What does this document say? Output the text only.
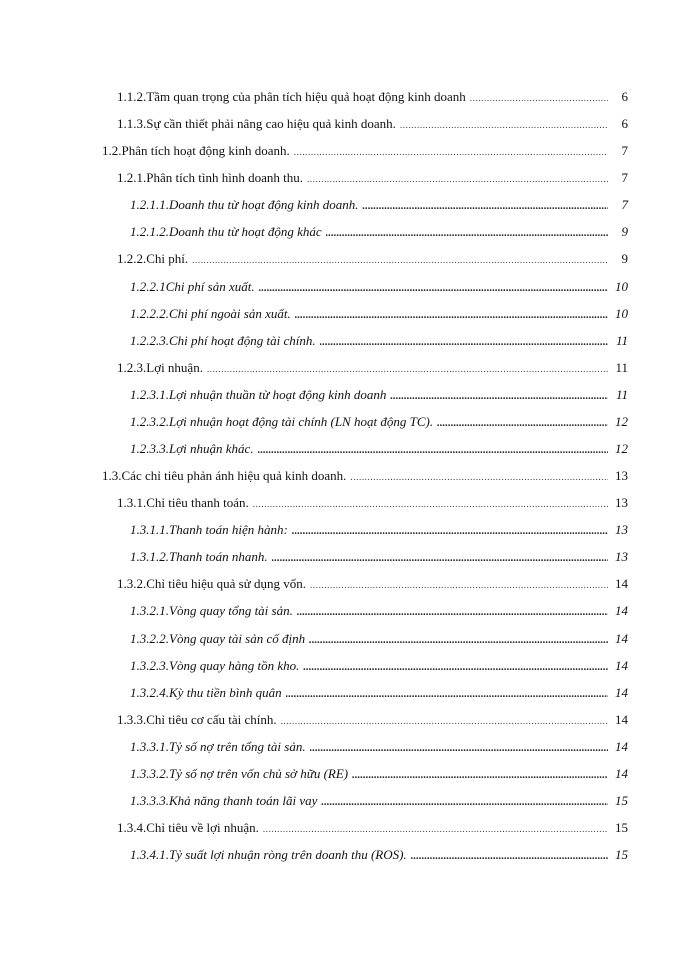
1.1.2.Tầm quan trọng của phân tích hiệu quả hoạt động kinh doanh .....	6
1.1.3.Sự cần thiết phải nâng cao hiệu quả kinh doanh. .....	6
1.2.Phân tích hoạt động kinh doanh. .....	7
1.2.1.Phân tích tình hình doanh thu. .....	7
1.2.1.1.Doanh thu từ hoạt động kinh doanh. .....	7
1.2.1.2.Doanh thu từ hoạt động khác .....	9
1.2.2.Chi phí. .....	9
1.2.2.1Chi phí sản xuất. .....	10
1.2.2.2.Chi phí ngoài sản xuất. .....	10
1.2.2.3.Chi phí hoạt động tài chính. .....	11
1.2.3.Lợi nhuận. .....	11
1.2.3.1.Lợi nhuận thuần từ hoạt động kinh doanh .....	11
1.2.3.2.Lợi nhuận hoạt động tài chính (LN hoạt động TC). .....	12
1.2.3.3.Lợi nhuận khác. .....	12
1.3.Các chỉ tiêu phản ánh hiệu quả kinh doanh. .....	13
1.3.1.Chỉ tiêu thanh toán. .....	13
1.3.1.1.Thanh toán hiện hành: .....	13
1.3.1.2.Thanh toán nhanh. .....	13
1.3.2.Chỉ tiêu hiệu quả sử dụng vốn. .....	14
1.3.2.1.Vòng quay tổng tài sản. .....	14
1.3.2.2.Vòng quay tài sản cố định .....	14
1.3.2.3.Vòng quay hàng tồn kho. .....	14
1.3.2.4.Kỳ thu tiền bình quân .....	14
1.3.3.Chỉ tiêu cơ cấu tài chính. .....	14
1.3.3.1.Tỷ số nợ trên tổng tài sản. .....	14
1.3.3.2.Tỷ số nợ trên vốn chủ sở hữu (RE) .....	14
1.3.3.3.Khả năng thanh toán lãi vay .....	15
1.3.4.Chỉ tiêu về lợi nhuận. .....	15
1.3.4.1.Tỷ suất lợi nhuận ròng trên doanh thu (ROS). .....	15
